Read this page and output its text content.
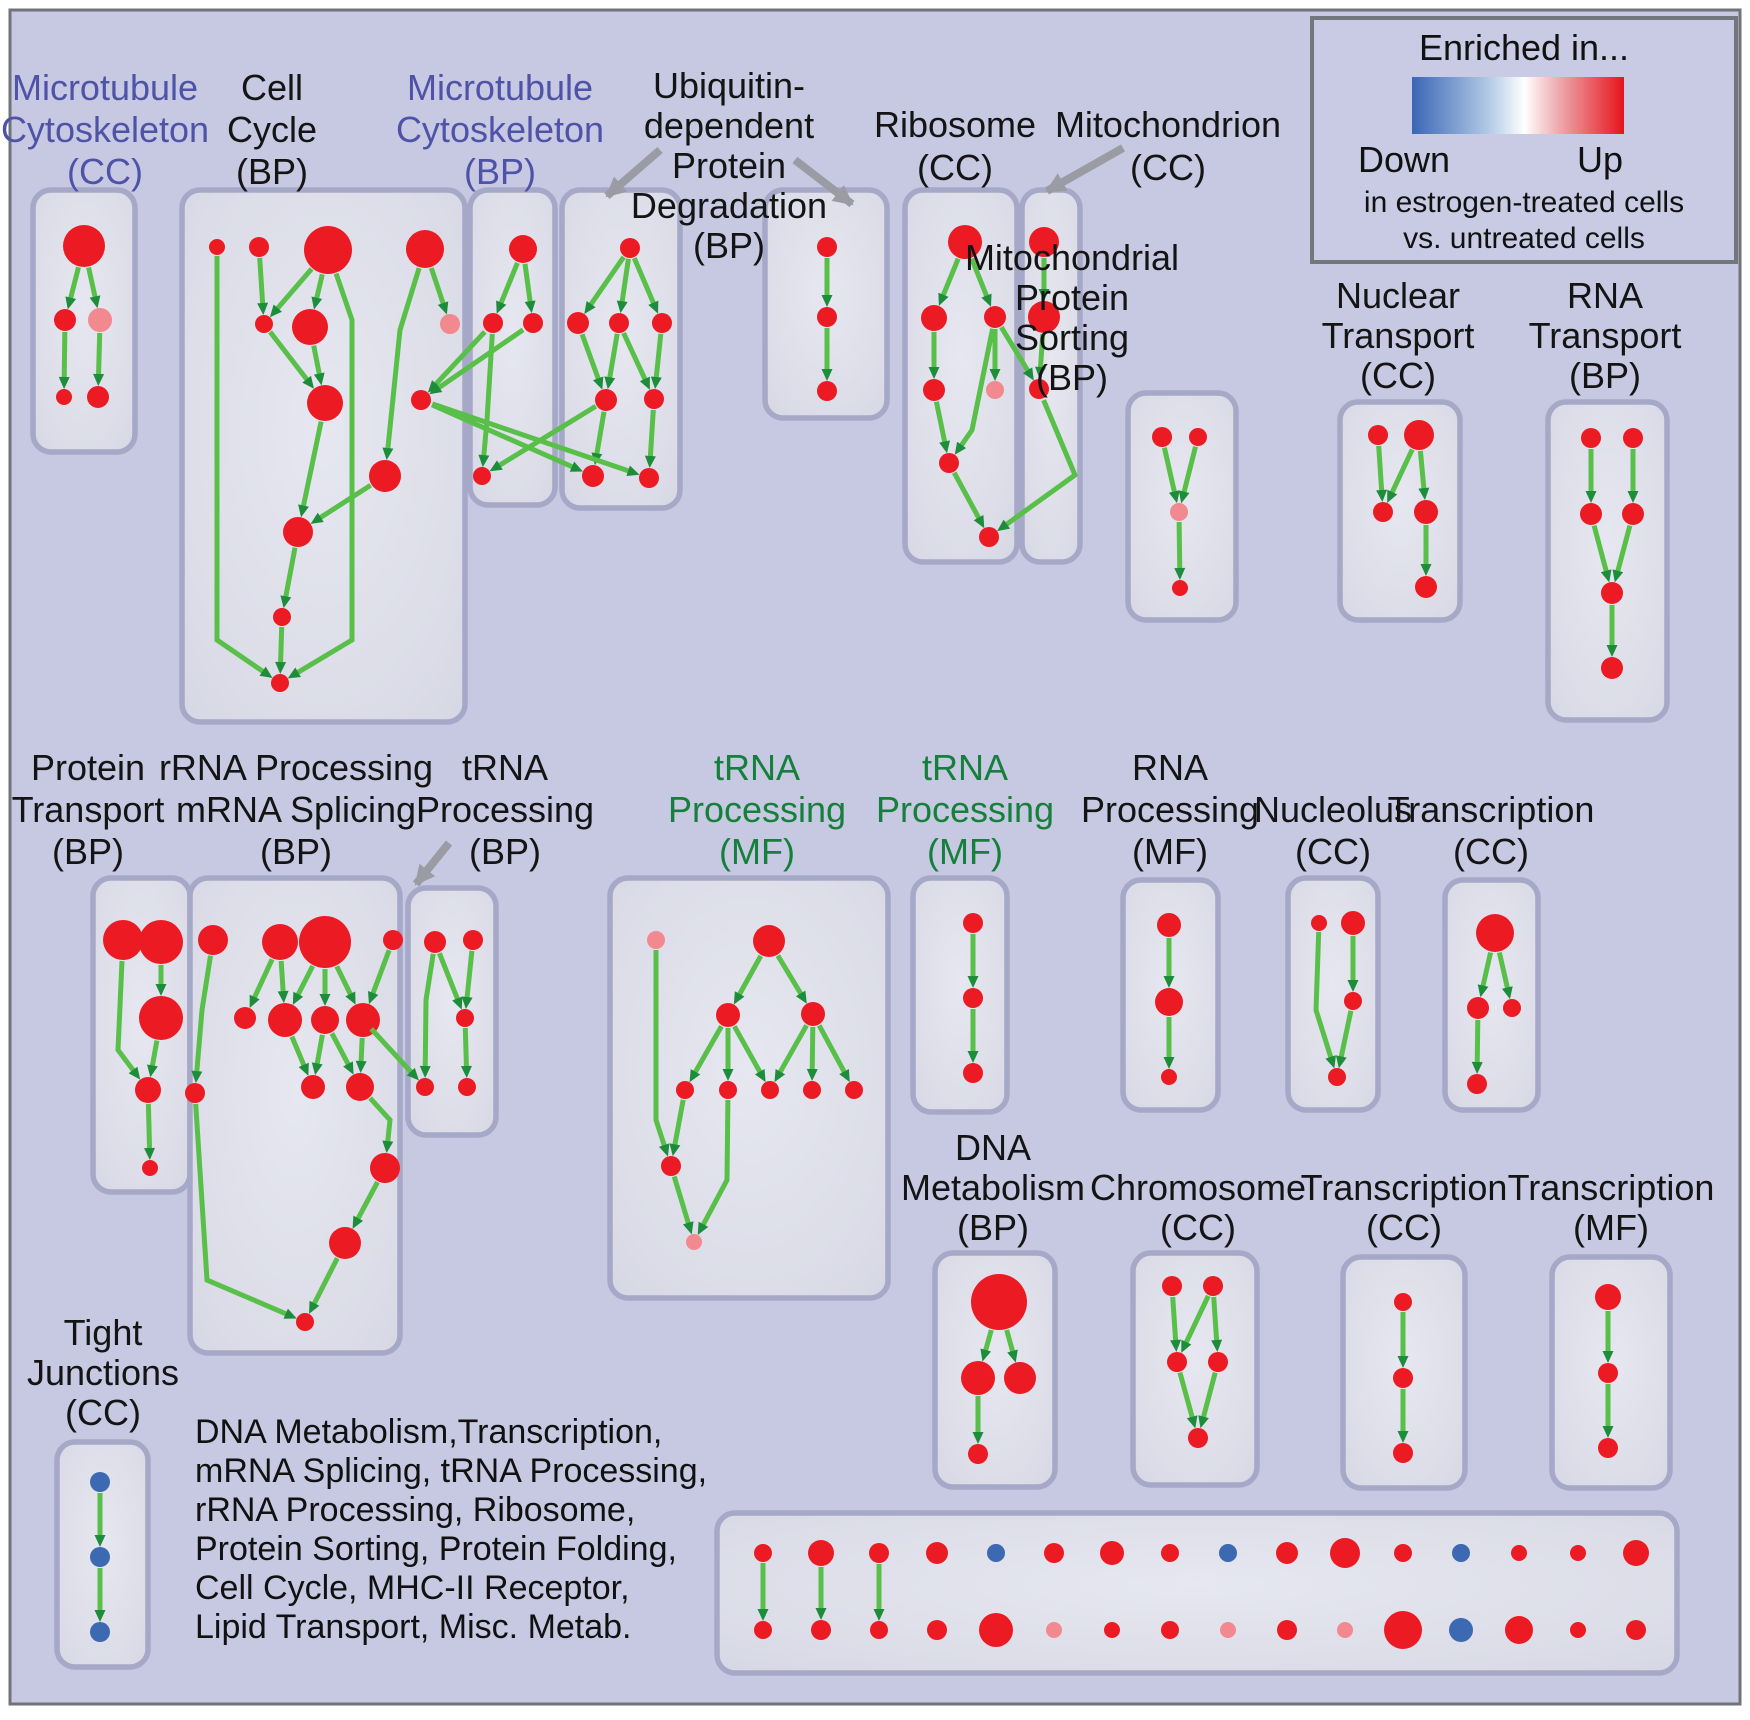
Microtubule
Cytoskeleton
(CC)
Cell
Cycle
(BP)
Microtubule
Cytoskeleton
(BP)
Ribosome
(CC)
Mitochondrion
(CC)
Mitochondrial
Protein
Sorting
(BP)
Nuclear
Transport
(CC)
RNA
Transport
(BP)
Protein
Transport
(BP)
rRNA Processing
mRNA Splicing
(BP)
tRNA
Processing
(BP)
tRNA
Processing
(MF)
tRNA
Processing
(MF)
RNA
Processing
(MF)
Nucleolus
(CC)
Transcription
(CC)
DNA
Metabolism
(BP)
Chromosome
(CC)
Transcription
(CC)
Transcription
(MF)
Tight
Junctions
(CC)
Ubiquitin-
dependent
Protein
Degradation
(BP)
Enriched in...
Down	Up
in estrogen-treated cells
vs. untreated cells
DNA Metabolism,Transcription,
mRNA Splicing, tRNA Processing,
rRNA Processing, Ribosome,
Protein Sorting, Protein Folding,
Cell Cycle, MHC-II Receptor,
Lipid Transport, Misc. Metab.
